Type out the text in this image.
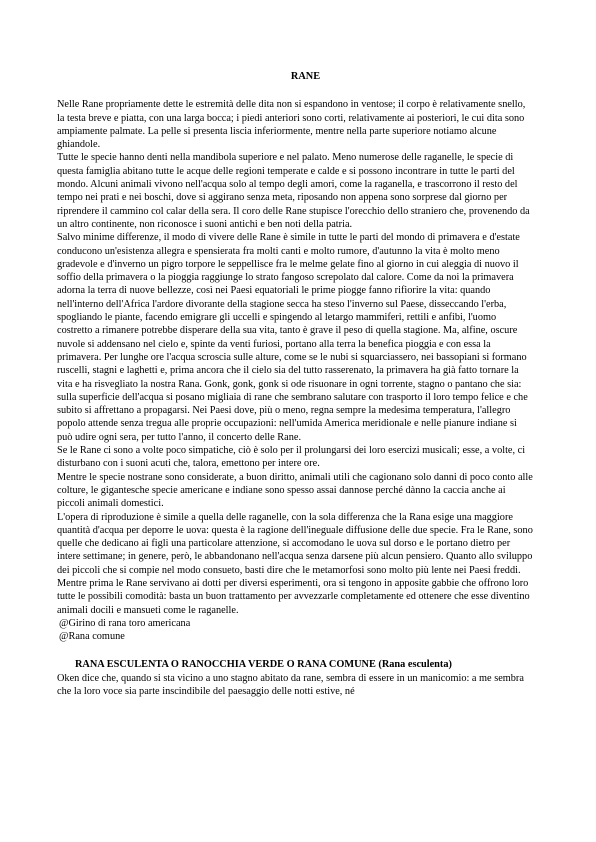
RANE

Nelle Rane propriamente dette le estremità delle dita non si espandono in ventose; il corpo è relativamente snello, la testa breve e piatta, con una larga bocca; i piedi anteriori sono corti, relativamente ai posteriori, le cui dita sono ampiamente palmate. La pelle si presenta liscia inferiormente, mentre nella parte superiore notiamo alcune ghiandole.

Tutte le specie hanno denti nella mandibola superiore e nel palato. Meno numerose delle raganelle, le specie di questa famiglia abitano tutte le acque delle regioni temperate e calde e si possono incontrare in tutte le parti del mondo. Alcuni animali vivono nell'acqua solo al tempo degli amori, come la raganella, e trascorrono il resto del tempo nei prati e nei boschi, dove si aggirano senza meta, riposando non appena sono sorprese dal giorno per riprendere il cammino col calar della sera. Il coro delle Rane stupisce l'orecchio dello straniero che, provenendo da un altro continente, non riconosce i suoni antichi e ben noti della patria.

Salvo minime differenze, il modo di vivere delle Rane è simile in tutte le parti del mondo di primavera e d'estate conducono un'esistenza allegra e spensierata fra molti canti e molto rumore, d'autunno la vita è molto meno gradevole e d'inverno un pigro torpore le seppellisce fra le melme gelate fino al giorno in cui aleggia di nuovo il soffio della primavera o la pioggia raggiunge lo strato fangoso screpolato dal calore. Come da noi la primavera adorna la terra di nuove bellezze, così nei Paesi equatoriali le prime piogge fanno rifiorire la vita: quando nell'interno dell'Africa l'ardore divorante della stagione secca ha steso l'inverno sul Paese, disseccando l'erba, spogliando le piante, facendo emigrare gli uccelli e spingendo al letargo mammiferi, rettili e anfibi, l'uomo costretto a rimanere potrebbe disperare della sua vita, tanto è grave il peso di quella stagione. Ma, alfine, oscure nuvole si addensano nel cielo e, spinte da venti furiosi, portano alla terra la benefica pioggia e con essa la primavera. Per lunghe ore l'acqua scroscia sulle alture, come se le nubi si squarciassero, nei bassopiani si formano ruscelli, stagni e laghetti e, prima ancora che il cielo sia del tutto rasserenato, la primavera ha già fatto tornare la vita e ha risvegliato la nostra Rana. Gonk, gonk, gonk si ode risuonare in ogni torrente, stagno o pantano che sia: sulla superficie dell'acqua si posano migliaia di rane che sembrano salutare con trasporto il loro tempo felice e che subito si affrettano a propagarsi. Nei Paesi dove, più o meno, regna sempre la medesima temperatura, l'allegro popolo attende senza tregua alle proprie occupazioni: nell'umida America meridionale e nelle pianure indiane si può udire ogni sera, per tutto l'anno, il concerto delle Rane.

Se le Rane ci sono a volte poco simpatiche, ciò è solo per il prolungarsi dei loro esercizi musicali; esse, a volte, ci disturbano con i suoni acuti che, talora, emettono per intere ore.

Mentre le specie nostrane sono considerate, a buon diritto, animali utili che cagionano solo danni di poco conto alle colture, le gigantesche specie americane e indiane sono spesso assai dannose perché dànno la caccia anche ai piccoli animali domestici.

L'opera di riproduzione è simile a quella delle raganelle, con la sola differenza che la Rana esige una maggiore quantità d'acqua per deporre le uova: questa è la ragione dell'ineguale diffusione delle due specie. Fra le Rane, sono quelle che dedicano ai figli una particolare attenzione, si accomodano le uova sul dorso e le portano dietro per intere settimane; in genere, però, le abbandonano nell'acqua senza darsene più alcun pensiero. Quanto allo sviluppo dei piccoli che si compie nel modo consueto, basti dire che le metamorfosi sono molto più lente nei Paesi freddi.

Mentre prima le Rane servivano ai dotti per diversi esperimenti, ora si tengono in apposite gabbie che offrono loro tutte le possibili comodità: basta un buon trattamento per avvezzarle completamente ed ottenere che esse diventino animali docili e mansueti come le raganelle.

@Girino di rana toro americana

@Rana comune

RANA ESCULENTA O RANOCCHIA VERDE O RANA COMUNE (Rana esculenta)

Oken dice che, quando si sta vicino a uno stagno abitato da rane, sembra di essere in un manicomio: a me sembra che la loro voce sia parte inscindibile del paesaggio delle notti estive, né
